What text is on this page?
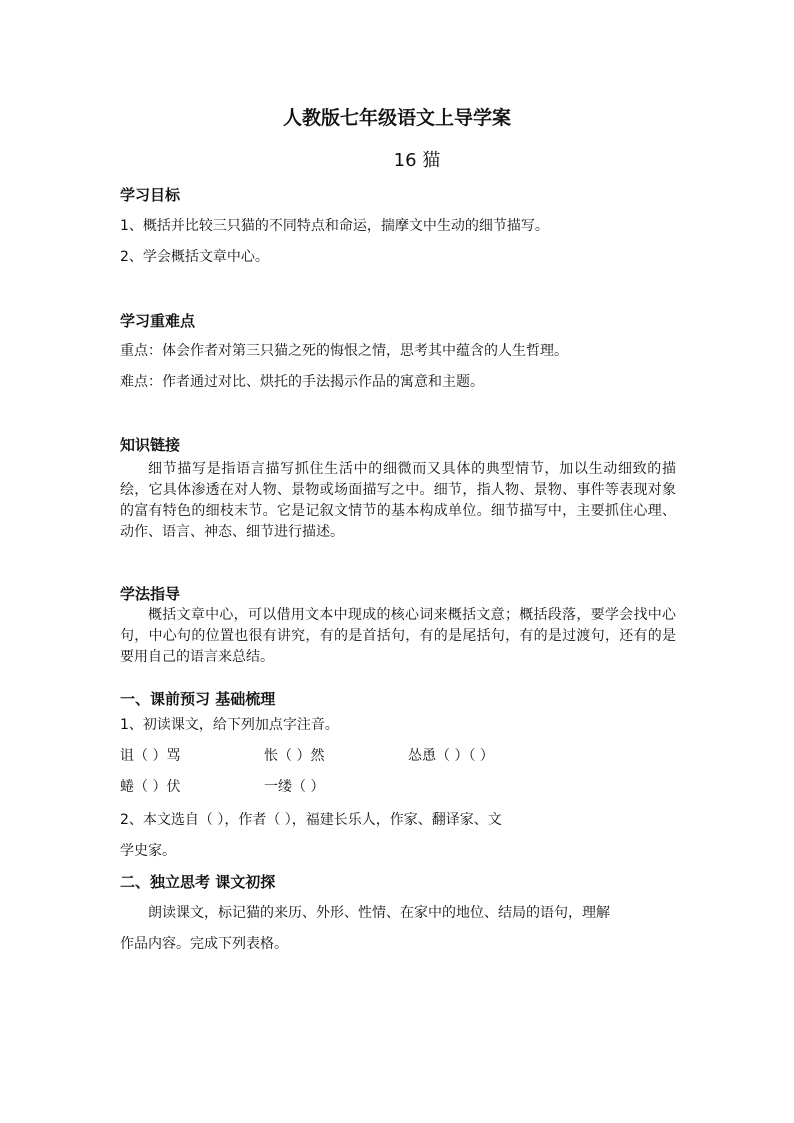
人教版七年级语文上导学案

16 猫

学习目标

1、概括并比较三只猫的不同特点和命运，揣摩文中生动的细节描写。

2、学会概括文章中心。

学习重难点

重点：体会作者对第三只猫之死的悔恨之情，思考其中蕴含的人生哲理。

难点：作者通过对比、烘托的手法揭示作品的寓意和主题。

知识链接

细节描写是指语言描写抓住生活中的细微而又具体的典型情节，加以生动细致的描绘，它具体渗透在对人物、景物或场面描写之中。细节，指人物、景物、事件等表现对象的富有特色的细枝末节。它是记叙文情节的基本构成单位。细节描写中，主要抓住心理、动作、语言、神态、细节进行描述。

学法指导

概括文章中心，可以借用文本中现成的核心词来概括文意；概括段落，要学会找中心句，中心句的位置也很有讲究，有的是首括句，有的是尾括句，有的是过渡句，还有的是要用自己的语言来总结。

一、课前预习 基础梳理

1、初读课文，给下列加点字注音。

诅（ ）骂	怅（ ）然	怂恿（ ）（ ）

蜷（ ）伏	一缕（ ）

2、本文选自（ ），作者（ ），福建长乐人，作家、翻译家、文

学史家。

二、独立思考 课文初探

朗读课文，标记猫的来历、外形、性情、在家中的地位、结局的语句，理解

作品内容。完成下列表格。
